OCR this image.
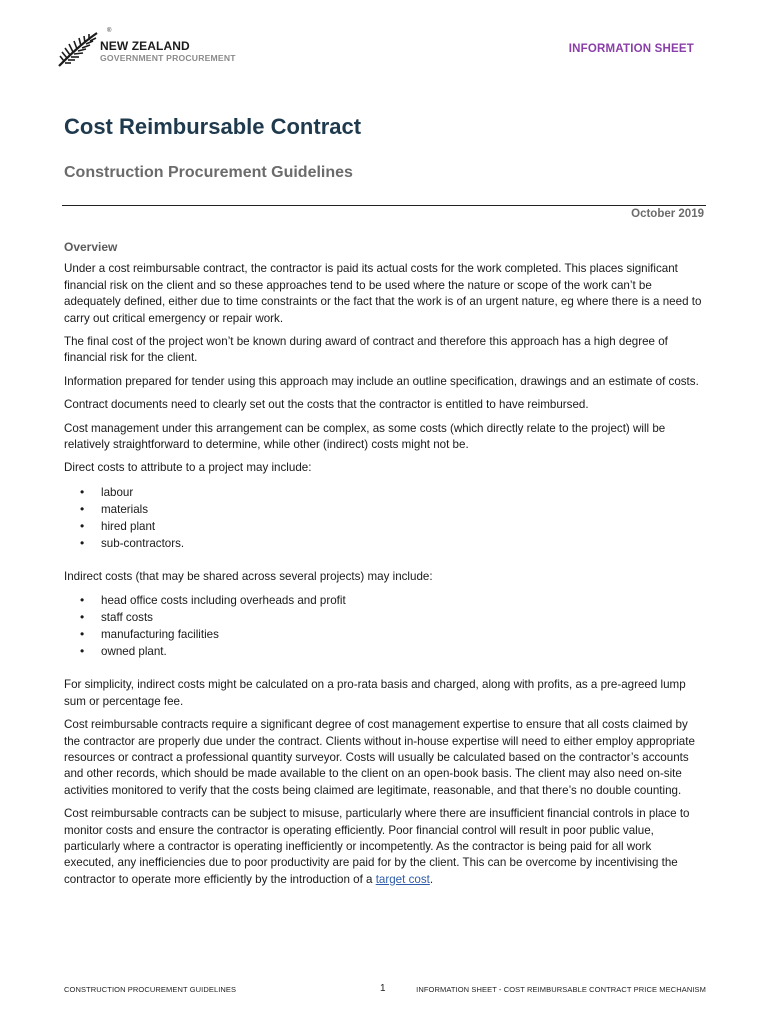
®
NEW ZEALAND
GOVERNMENT PROCUREMENT
INFORMATION SHEET
Cost Reimbursable Contract
Construction Procurement Guidelines
October 2019
Overview

Under a cost reimbursable contract, the contractor is paid its actual costs for the work completed. This places significant financial risk on the client and so these approaches tend to be used where the nature or scope of the work can’t be adequately defined, either due to time constraints or the fact that the work is of an urgent nature, eg where there is a need to carry out critical emergency or repair work.

The final cost of the project won’t be known during award of contract and therefore this approach has a high degree of financial risk for the client.

Information prepared for tender using this approach may include an outline specification, drawings and an estimate of costs.

Contract documents need to clearly set out the costs that the contractor is entitled to have reimbursed.

Cost management under this arrangement can be complex, as some costs (which directly relate to the project) will be relatively straightforward to determine, while other (indirect) costs might not be.

Direct costs to attribute to a project may include:

• labour
• materials
• hired plant
• sub-contractors.

Indirect costs (that may be shared across several projects) may include:

• head office costs including overheads and profit
• staff costs
• manufacturing facilities
• owned plant.

For simplicity, indirect costs might be calculated on a pro-rata basis and charged, along with profits, as a pre-agreed lump sum or percentage fee.

Cost reimbursable contracts require a significant degree of cost management expertise to ensure that all costs claimed by the contractor are properly due under the contract. Clients without in-house expertise will need to either employ appropriate resources or contract a professional quantity surveyor. Costs will usually be calculated based on the contractor’s accounts and other records, which should be made available to the client on an open-book basis. The client may also need on-site activities monitored to verify that the costs being claimed are legitimate, reasonable, and that there’s no double counting.

Cost reimbursable contracts can be subject to misuse, particularly where there are insufficient financial controls in place to monitor costs and ensure the contractor is operating efficiently. Poor financial control will result in poor public value, particularly where a contractor is operating inefficiently or incompetently. As the contractor is being paid for all work executed, any inefficiencies due to poor productivity are paid for by the client. This can be overcome by incentivising the contractor to operate more efficiently by the introduction of a target cost.

CONSTRUCTION PROCUREMENT GUIDELINES	1	INFORMATION SHEET - COST REIMBURSABLE CONTRACT PRICE MECHANISM
